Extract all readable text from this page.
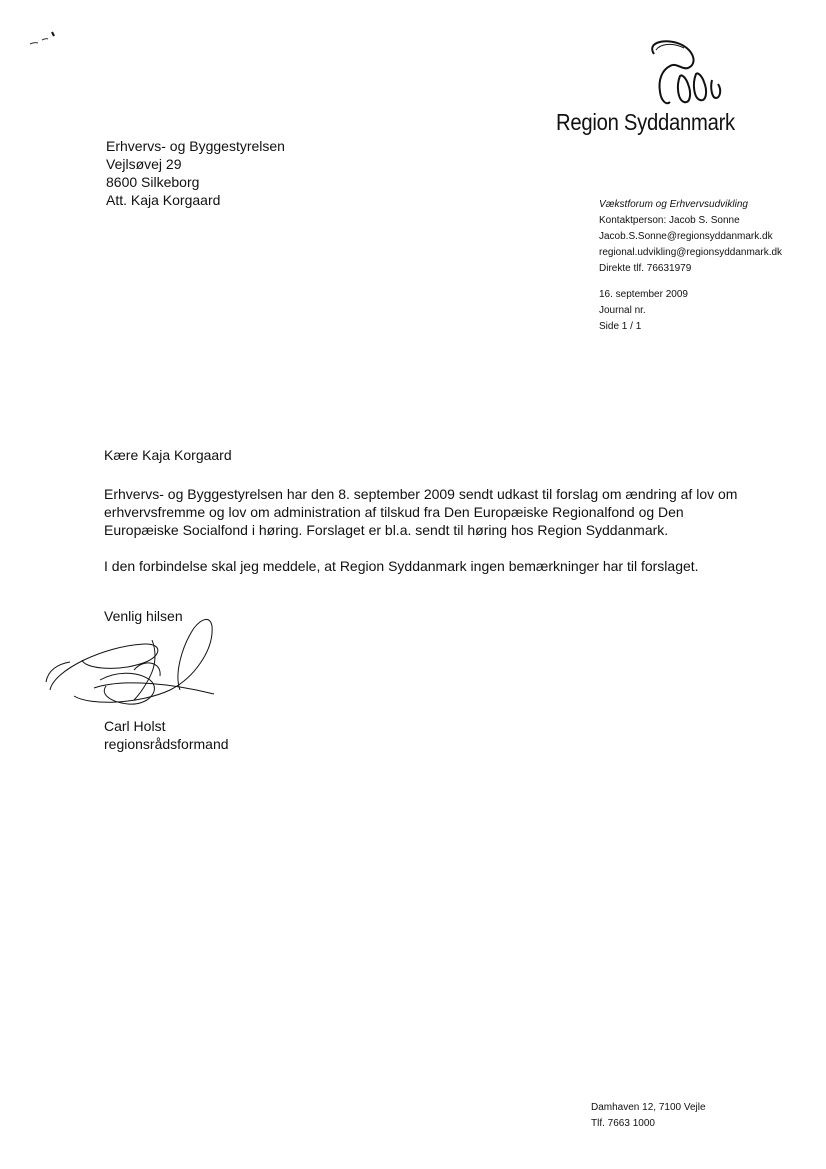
Region Syddanmark
Erhvervs- og Byggestyrelsen
Vejlsøvej 29
8600 Silkeborg
Att. Kaja Korgaard	Vækstforum og Erhvervsudvikling
Kontaktperson: Jacob S. Sonne
Jacob.S.Sonne@regionsyddanmark.dk
regional.udvikling@regionsyddanmark.dk
Direkte tlf. 76631979
16. september 2009
Journal nr.
Side 1 / 1
Kære Kaja Korgaard
Erhvervs- og Byggestyrelsen har den 8. september 2009 sendt udkast til forslag om ændring af lov om
erhvervsfremme og lov om administration af tilskud fra Den Europæiske Regionalfond og Den
Europæiske Socialfond i høring. Forslaget er bl.a. sendt til høring hos Region Syddanmark.
I den forbindelse skal jeg meddele, at Region Syddanmark ingen bemærkninger har til forslaget.
Venlig hilsen
Carl Holst
regionsrådsformand
Damhaven 12, 7100 Vejle
Tlf. 7663 1000
